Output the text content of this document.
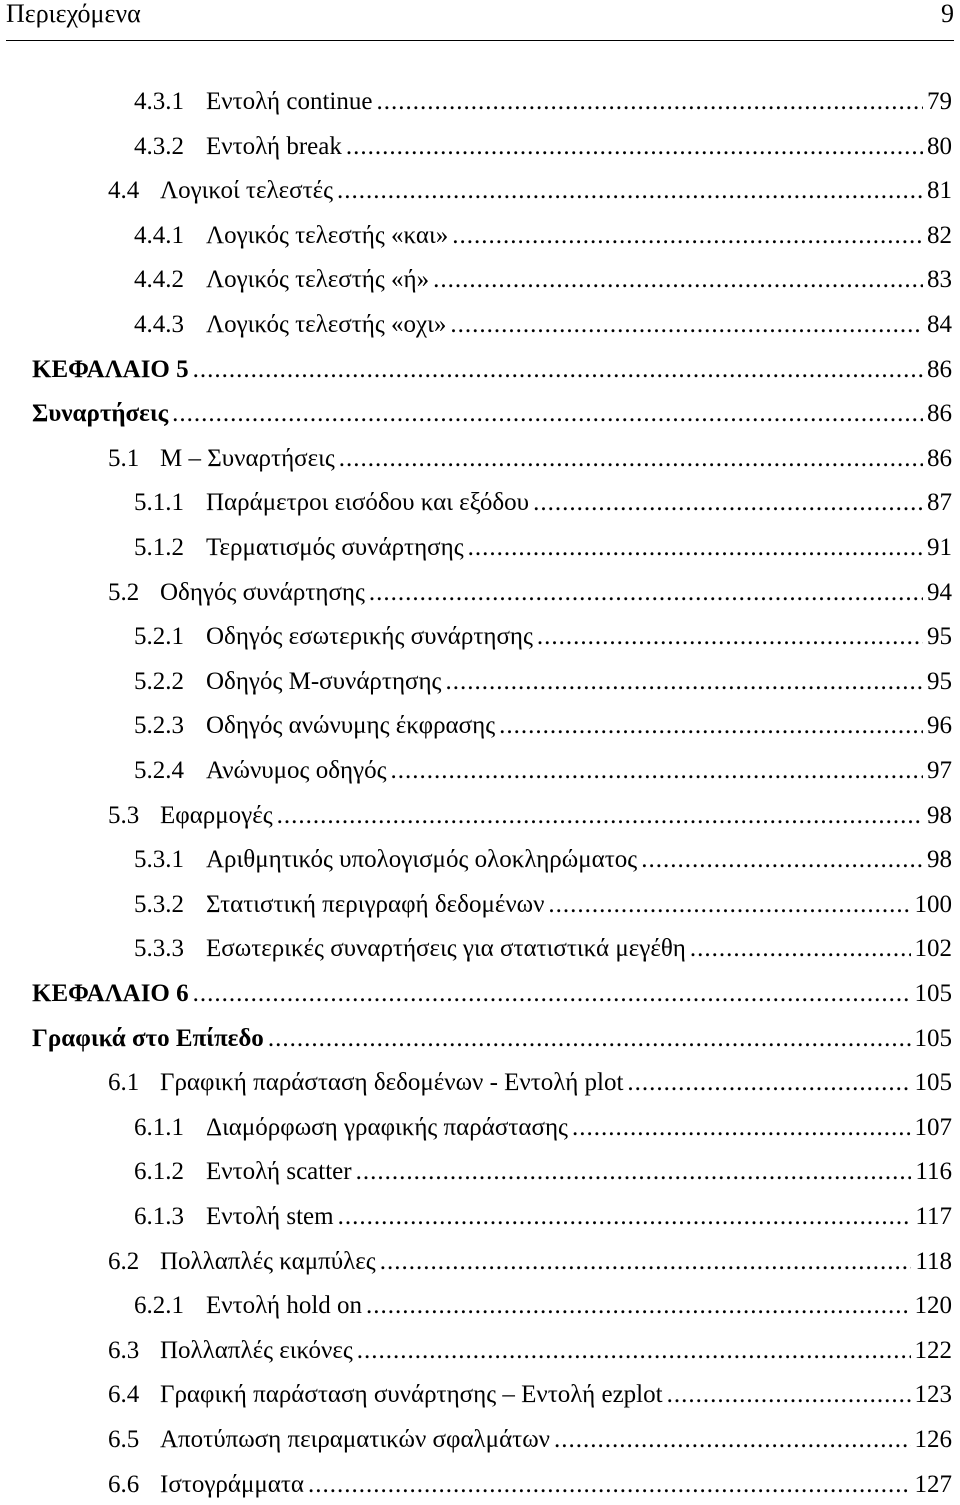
Περιεχόμενα	9
4.3.1 Εντολή continue .....	79
4.3.2 Εντολή break .....	80
4.4 Λογικοί τελεστές .....	81
4.4.1 Λογικός τελεστής «και» .....	82
4.4.2 Λογικός τελεστής «ή» .....	83
4.4.3 Λογικός τελεστής «οχι» .....	84
ΚΕΦΑΛΑΙΟ 5 .....	86
Συναρτήσεις .....	86
5.1 M – Συναρτήσεις .....	86
5.1.1 Παράμετροι εισόδου και εξόδου .....	87
5.1.2 Τερματισμός συνάρτησης .....	91
5.2 Οδηγός συνάρτησης .....	94
5.2.1 Οδηγός εσωτερικής συνάρτησης .....	95
5.2.2 Οδηγός M-συνάρτησης .....	95
5.2.3 Οδηγός ανώνυμης έκφρασης .....	96
5.2.4 Ανώνυμος οδηγός .....	97
5.3 Εφαρμογές .....	98
5.3.1 Αριθμητικός υπολογισμός ολοκληρώματος .....	98
5.3.2 Στατιστική περιγραφή δεδομένων .....	100
5.3.3 Εσωτερικές συναρτήσεις για στατιστικά μεγέθη .....	102
ΚΕΦΑΛΑΙΟ 6 .....	105
Γραφικά στο Επίπεδο .....	105
6.1 Γραφική παράσταση δεδομένων - Εντολή plot .....	105
6.1.1 Διαμόρφωση γραφικής παράστασης .....	107
6.1.2 Εντολή scatter .....	116
6.1.3 Εντολή stem .....	117
6.2 Πολλαπλές καμπύλες .....	118
6.2.1 Εντολή hold on .....	120
6.3 Πολλαπλές εικόνες .....	122
6.4 Γραφική παράσταση συνάρτησης – Εντολή ezplot .....	123
6.5 Αποτύπωση πειραματικών σφαλμάτων .....	126
6.6 Ιστογράμματα .....	127
